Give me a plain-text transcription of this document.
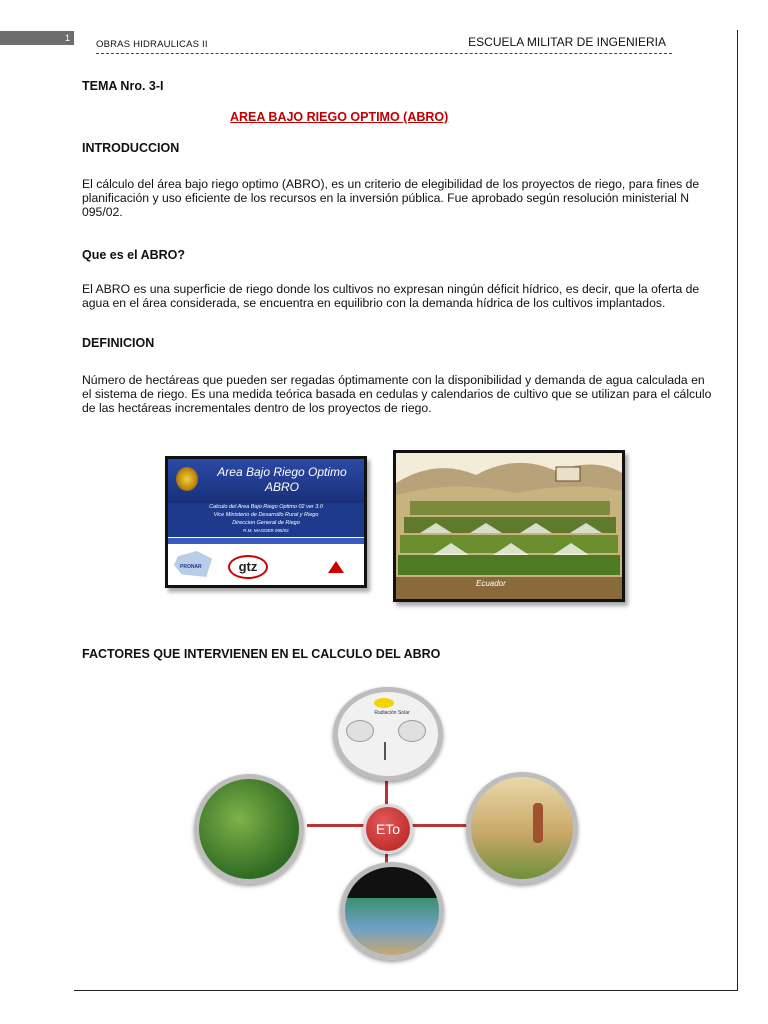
1
OBRAS HIDRAULICAS II	ESCUELA MILITAR DE INGENIERIA
TEMA Nro. 3-I
AREA BAJO RIEGO OPTIMO (ABRO)
INTRODUCCION
El cálculo del área bajo riego optimo (ABRO), es un criterio de elegibilidad de los proyectos de riego, para fines de planificación y uso eficiente de los recursos en la inversión pública. Fue aprobado según resolución ministerial N 095/02.
Que es el ABRO?
El ABRO es una superficie de riego donde los cultivos no expresan ningún déficit hídrico, es decir, que la oferta de agua en el área considerada, se encuentra en equilibrio con la demanda hídrica de los cultivos implantados.
DEFINICION
Número de hectáreas que pueden ser regadas óptimamente con la disponibilidad y demanda de agua calculada en el sistema de riego. Es una medida teórica basada en cedulas y calendarios de cultivo que se utilizan para el cálculo de las hectáreas incrementales dentro de los proyectos de riego.
Area Bajo Riego Optimo
ABRO
Calculo del Area Bajo Riego Optimo 02 ver 3.0
Vice Ministerio de Desarrollo Rural y Riego
Direccion General de Riego
R.M. MAGDER 095/02
PRONAR	gtz
Ecuador
FACTORES QUE INTERVIENEN EN EL CALCULO DEL ABRO
Radiación Solar
ETo
